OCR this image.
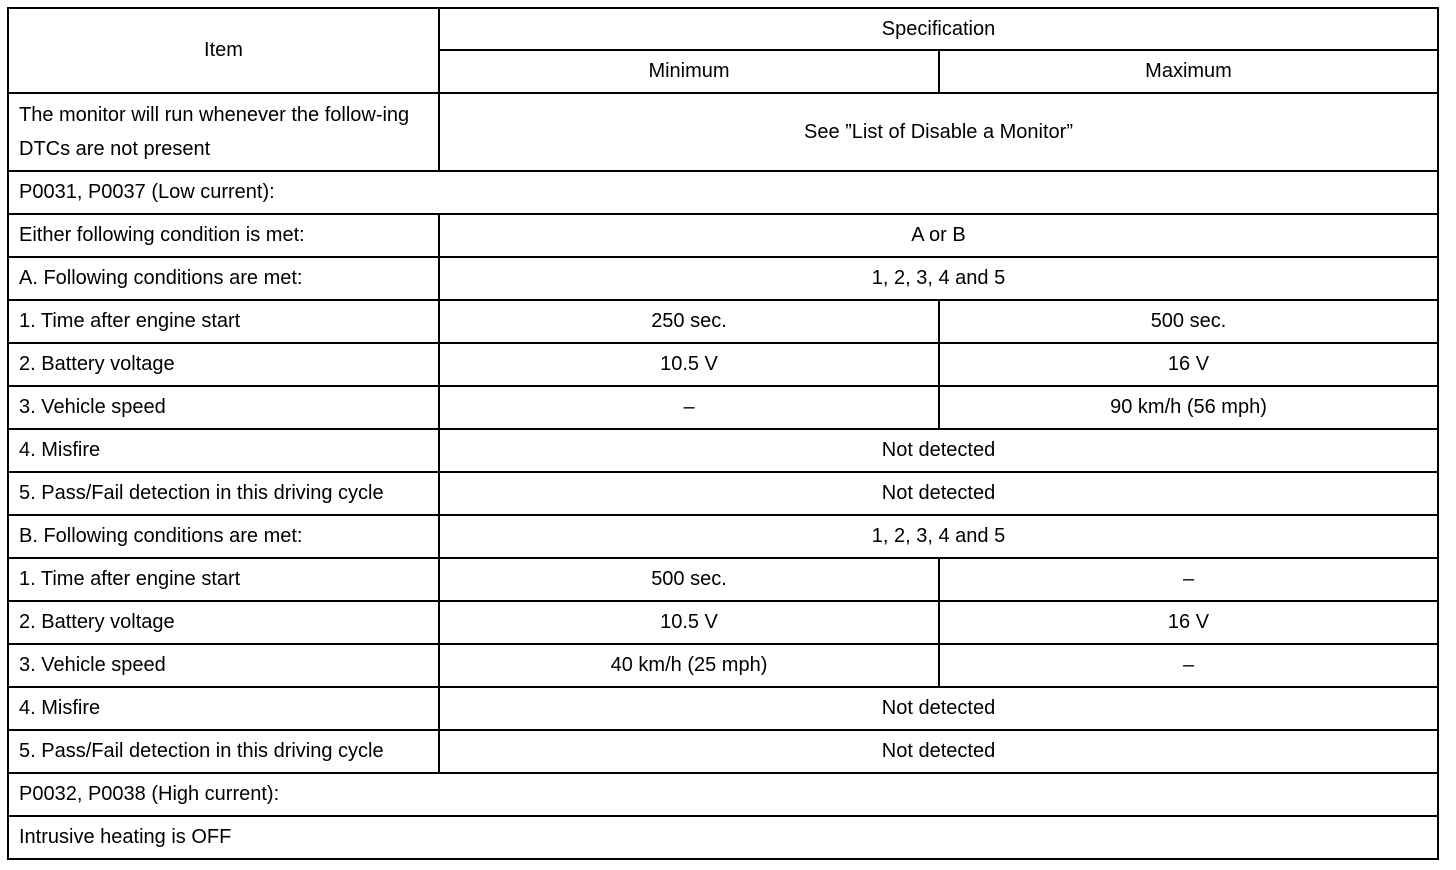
Item	Specification	
	Minimum	Maximum
The monitor will run whenever the follow-ing DTCs are not present	See ”List of Disable a Monitor”	
P0031, P0037 (Low current):		
Either following condition is met:	A or B	
A. Following conditions are met:	1, 2, 3, 4 and 5	
1. Time after engine start	250 sec.	500 sec.
2. Battery voltage	10.5 V	16 V
3. Vehicle speed	–	90 km/h (56 mph)
4. Misfire	Not detected	
5. Pass/Fail detection in this driving cycle	Not detected	
B. Following conditions are met:	1, 2, 3, 4 and 5	
1. Time after engine start	500 sec.	–
2. Battery voltage	10.5 V	16 V
3. Vehicle speed	40 km/h (25 mph)	–
4. Misfire	Not detected	
5. Pass/Fail detection in this driving cycle	Not detected	
P0032, P0038 (High current):		
Intrusive heating is OFF		
